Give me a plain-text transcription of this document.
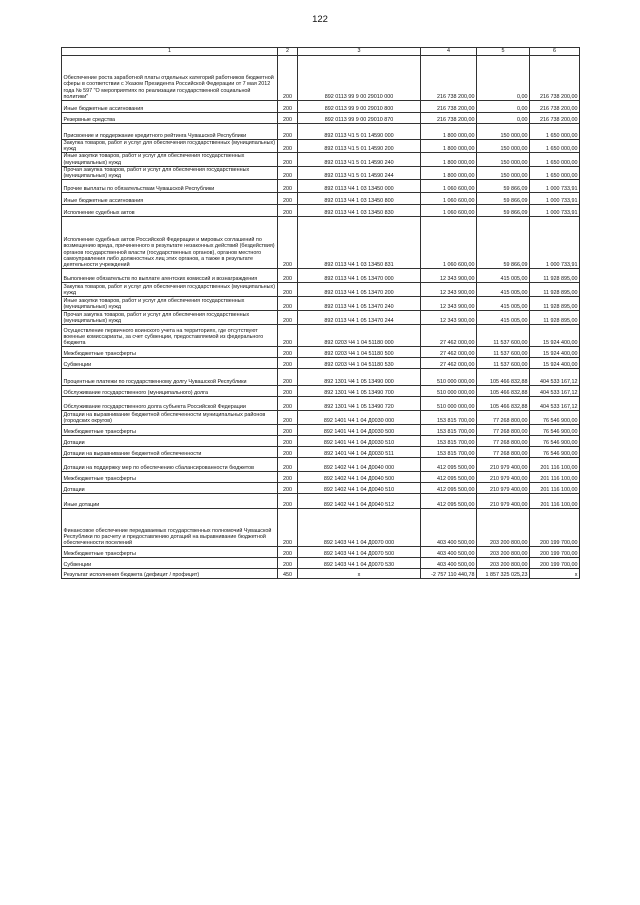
122
1	2	3	4	5	6
Обеспечение роста заработной платы отдельных категорий работников бюджетной сферы в соответствии с Указом Президента Российской Федерации от 7 мая 2012 года № 597 "О мероприятиях по реализации государственной социальной политики"	200	892 0113 99 9 00 29010 000	216 738 200,00	0,00	216 738 200,00
Иные бюджетные ассигнования	200	892 0113 99 9 00 29010 800	216 738 200,00	0,00	216 738 200,00
Резервные средства	200	892 0113 99 9 00 29010 870	216 738 200,00	0,00	216 738 200,00
Присвоение и поддержание кредитного рейтинга Чувашской Республики	200	892 0113 Ч1 5 01 14590 000	1 800 000,00	150 000,00	1 650 000,00
Закупка товаров, работ и услуг для обеспечения государственных (муниципальных) нужд	200	892 0113 Ч1 5 01 14590 200	1 800 000,00	150 000,00	1 650 000,00
Иные закупки товаров, работ и услуг для обеспечения государственных (муниципальных) нужд	200	892 0113 Ч1 5 01 14590 240	1 800 000,00	150 000,00	1 650 000,00
Прочая закупка товаров, работ и услуг для обеспечения государственных (муниципальных) нужд	200	892 0113 Ч1 5 01 14590 244	1 800 000,00	150 000,00	1 650 000,00
Прочие выплаты по обязательствам Чувашской Республики	200	892 0113 Ч4 1 03 13450 000	1 060 600,00	59 866,09	1 000 733,91
Иные бюджетные ассигнования	200	892 0113 Ч4 1 03 13450 800	1 060 600,00	59 866,09	1 000 733,91
Исполнение судебных актов	200	892 0113 Ч4 1 03 13450 830	1 060 600,00	59 866,09	1 000 733,91
Исполнение судебных актов Российской Федерации и мировых соглашений по возмещению вреда, причиненного в результате незаконных действий (бездействия) органов государственной власти (государственных органов), органов местного самоуправления либо должностных лиц этих органов, а также в результате деятельности учреждений	200	892 0113 Ч4 1 03 13450 831	1 060 600,00	59 866,09	1 000 733,91
Выполнение обязательств по выплате агентских комиссий и вознаграждения	200	892 0113 Ч4 1 05 13470 000	12 343 900,00	415 005,00	11 928 895,00
Закупка товаров, работ и услуг для обеспечения государственных (муниципальных) нужд	200	892 0113 Ч4 1 05 13470 200	12 343 900,00	415 005,00	11 928 895,00
Иные закупки товаров, работ и услуг для обеспечения государственных (муниципальных) нужд	200	892 0113 Ч4 1 05 13470 240	12 343 900,00	415 005,00	11 928 895,00
Прочая закупка товаров, работ и услуг для обеспечения государственных (муниципальных) нужд	200	892 0113 Ч4 1 05 13470 244	12 343 900,00	415 005,00	11 928 895,00
Осуществление первичного воинского учета на территориях, где отсутствуют военные комиссариаты, за счет субвенции, предоставляемой из федерального бюджета	200	892 0203 Ч4 1 04 51180 000	27 462 000,00	11 537 600,00	15 924 400,00
Межбюджетные трансферты	200	892 0203 Ч4 1 04 51180 500	27 462 000,00	11 537 600,00	15 924 400,00
Субвенции	200	892 0203 Ч4 1 04 51180 530	27 462 000,00	11 537 600,00	15 924 400,00
Процентные платежи по государственному долгу Чувашской Республики	200	892 1301 Ч4 1 05 13490 000	510 000 000,00	105 466 832,88	404 533 167,12
Обслуживание государственного (муниципального) долга	200	892 1301 Ч4 1 05 13490 700	510 000 000,00	105 466 832,88	404 533 167,12
Обслуживание государственного долга субъекта Российской Федерации	200	892 1301 Ч4 1 05 13490 720	510 000 000,00	105 466 832,88	404 533 167,12
Дотации на выравнивание бюджетной обеспеченности муниципальных районов (городских округов)	200	892 1401 Ч4 1 04 Д0030 000	153 815 700,00	77 268 800,00	76 546 900,00
Межбюджетные трансферты	200	892 1401 Ч4 1 04 Д0030 500	153 815 700,00	77 268 800,00	76 546 900,00
Дотации	200	892 1401 Ч4 1 04 Д0030 510	153 815 700,00	77 268 800,00	76 546 900,00
Дотации на выравнивание бюджетной обеспеченности	200	892 1401 Ч4 1 04 Д0030 511	153 815 700,00	77 268 800,00	76 546 900,00
Дотации на поддержку мер по обеспечению сбалансированности бюджетов	200	892 1402 Ч4 1 04 Д0040 000	412 095 500,00	210 979 400,00	201 116 100,00
Межбюджетные трансферты	200	892 1402 Ч4 1 04 Д0040 500	412 095 500,00	210 979 400,00	201 116 100,00
Дотации	200	892 1402 Ч4 1 04 Д0040 510	412 095 500,00	210 979 400,00	201 116 100,00
Иные дотации	200	892 1402 Ч4 1 04 Д0040 512	412 095 500,00	210 979 400,00	201 116 100,00
Финансовое обеспечение передаваемых государственных полномочий Чувашской Республики по расчету и предоставлению дотаций на выравнивание бюджетной обеспеченности поселений	200	892 1403 Ч4 1 04 Д0070 000	403 400 500,00	203 200 800,00	200 199 700,00
Межбюджетные трансферты	200	892 1403 Ч4 1 04 Д0070 500	403 400 500,00	203 200 800,00	200 199 700,00
Субвенции	200	892 1403 Ч4 1 04 Д0070 530	403 400 500,00	203 200 800,00	200 199 700,00
Результат исполнения бюджета (дефицит / профицит)	450	x	-2 757 110 440,78	1 857 325 025,23	x
